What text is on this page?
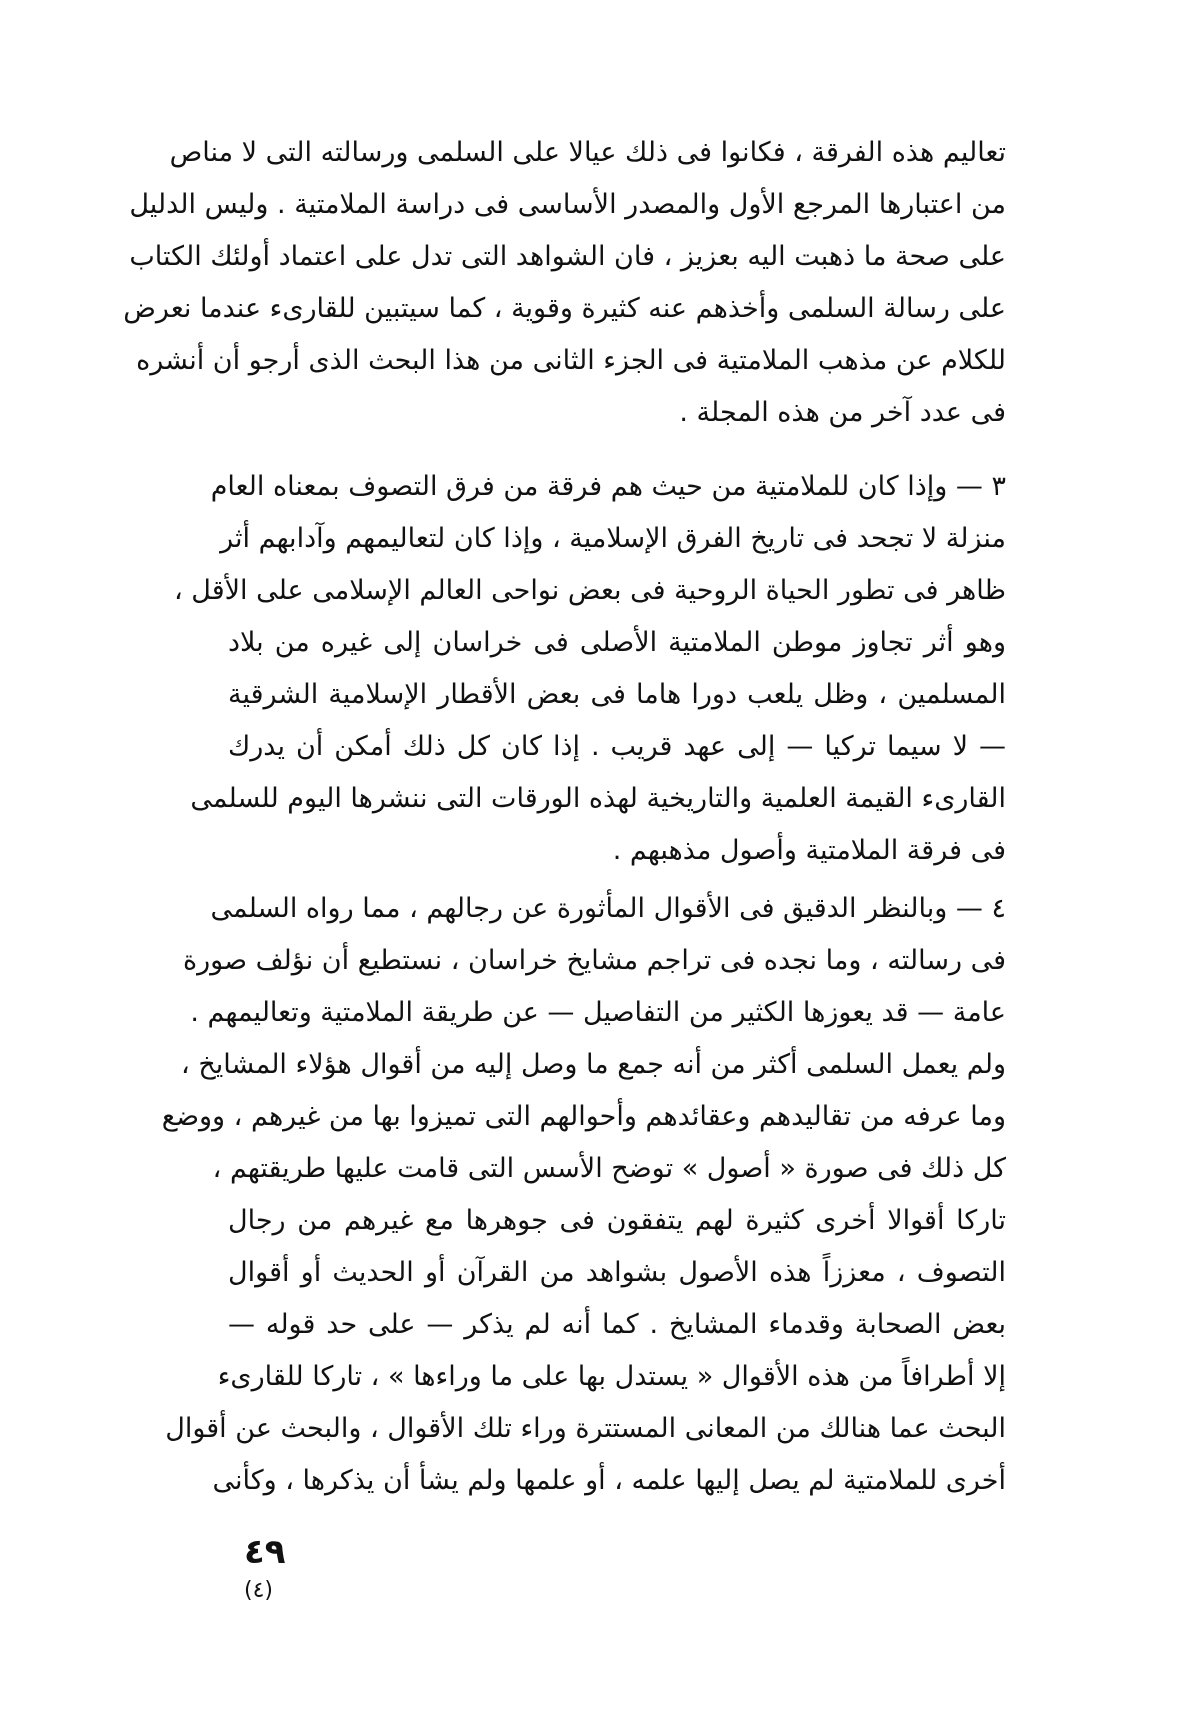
تعاليم هذه الفرقة ، فكانوا فى ذلك عيالا على السلمى ورسالته التى لا مناص
من اعتبارها المرجع الأول والمصدر الأساسى فى دراسة الملامتية . وليس الدليل
على صحة ما ذهبت اليه بعزيز ، فان الشواهد التى تدل على اعتماد أولئك الكتاب
على رسالة السلمى وأخذهم عنه كثيرة وقوية ، كما سيتبين للقارىء عندما نعرض
للكلام عن مذهب الملامتية فى الجزء الثانى من هذا البحث الذى أرجو أن أنشره
فى عدد آخر من هذه المجلة .
٣ — وإذا كان للملامتية من حيث هم فرقة من فرق التصوف بمعناه العام
منزلة لا تجحد فى تاريخ الفرق الإسلامية ، وإذا كان لتعاليمهم وآدابهم أثر
ظاهر فى تطور الحياة الروحية فى بعض نواحى العالم الإسلامى على الأقل ،
وهو أثر تجاوز موطن الملامتية الأصلى فى خراسان إلى غيره من بلاد
المسلمين ، وظل يلعب دورا هاما فى بعض الأقطار الإسلامية الشرقية
— لا سيما تركيا — إلى عهد قريب . إذا كان كل ذلك أمكن أن يدرك
القارىء القيمة العلمية والتاريخية لهذه الورقات التى ننشرها اليوم للسلمى
فى فرقة الملامتية وأصول مذهبهم .
٤ — وبالنظر الدقيق فى الأقوال المأثورة عن رجالهم ، مما رواه السلمى
فى رسالته ، وما نجده فى تراجم مشايخ خراسان ، نستطيع أن نؤلف صورة
عامة — قد يعوزها الكثير من التفاصيل — عن طريقة الملامتية وتعاليمهم .
ولم يعمل السلمى أكثر من أنه جمع ما وصل إليه من أقوال هؤلاء المشايخ ،
وما عرفه من تقاليدهم وعقائدهم وأحوالهم التى تميزوا بها من غيرهم ، ووضع
كل ذلك فى صورة « أصول » توضح الأسس التى قامت عليها طريقتهم ،
تاركا أقوالا أخرى كثيرة لهم يتفقون فى جوهرها مع غيرهم من رجال
التصوف ، معززاً هذه الأصول بشواهد من القرآن أو الحديث أو أقوال
بعض الصحابة وقدماء المشايخ . كما أنه لم يذكر — على حد قوله —
إلا أطرافاً من هذه الأقوال « يستدل بها على ما وراءها » ، تاركا للقارىء
البحث عما هنالك من المعانى المستترة وراء تلك الأقوال ، والبحث عن أقوال
أخرى للملامتية لم يصل إليها علمه ، أو علمها ولم يشأ أن يذكرها ، وكأنى
٤٩
(٤)
